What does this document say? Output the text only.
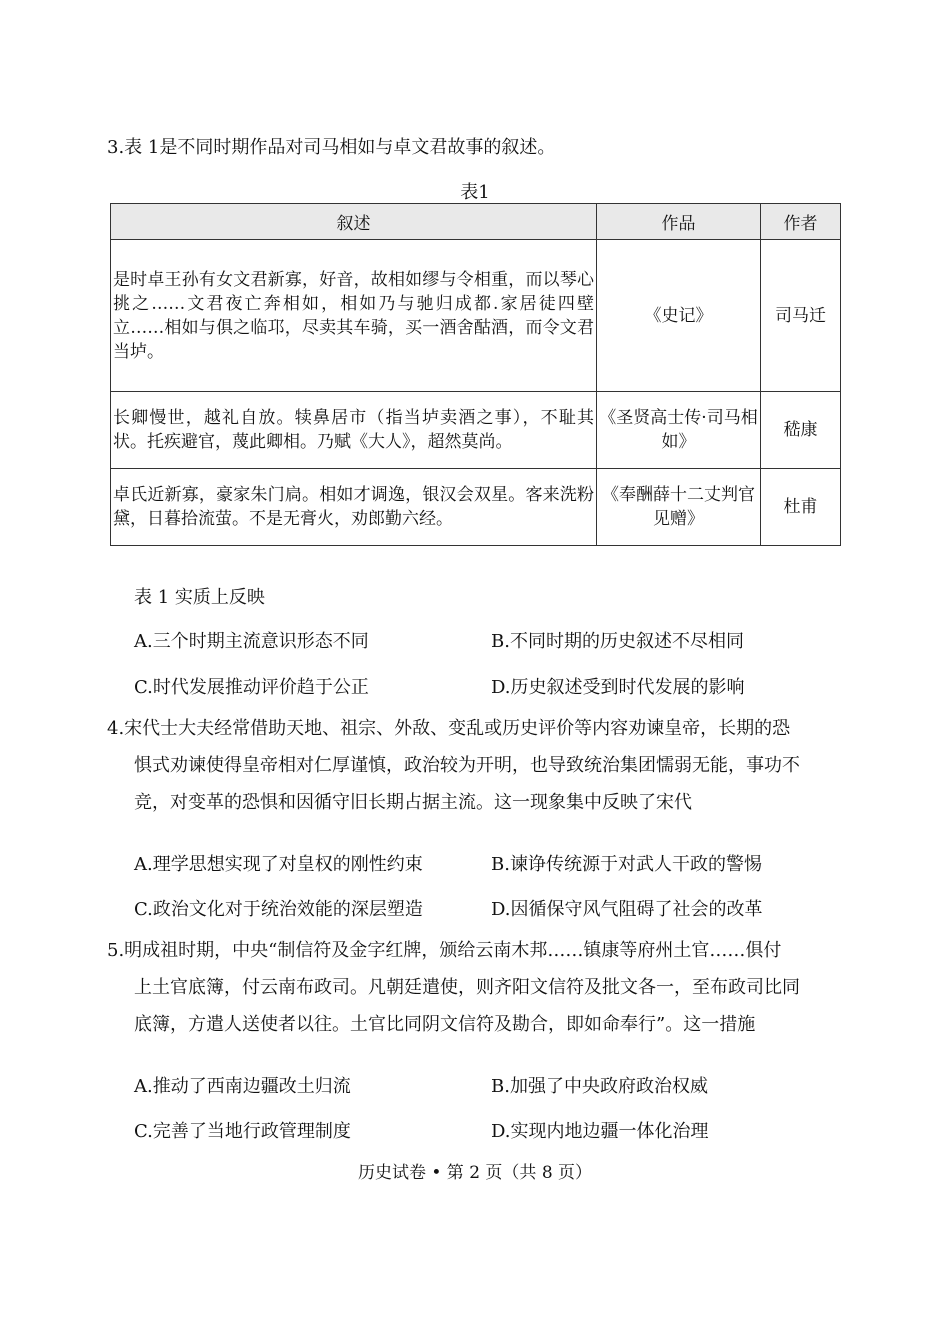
3.表 1是不同时期作品对司马相如与卓文君故事的叙述。
表1
叙述	作品	作者
是时卓王孙有女文君新寡，好音，故相如缪与令相重，而以琴心挑之……文君夜亡奔相如，相如乃与驰归成都.家居徒四壁立……相如与俱之临邛，尽卖其车骑，买一酒舍酤酒，而令文君当垆。	《史记》	司马迁
长卿慢世，越礼自放。犊鼻居市（指当垆卖酒之事），不耻其状。托疾避官，蔑此卿相。乃赋《大人》，超然莫尚。	《圣贤高士传·司马相如》	嵇康
卓氏近新寡，豪家朱门扃。相如才调逸，银汉会双星。客来洗粉黛，日暮拾流萤。不是无膏火，劝郎勤六经。	《奉酬薛十二丈判官见赠》	杜甫
表 1 实质上反映
A.三个时期主流意识形态不同	B.不同时期的历史叙述不尽相同
C.时代发展推动评价趋于公正	D.历史叙述受到时代发展的影响
4.宋代士大夫经常借助天地、祖宗、外敌、变乱或历史评价等内容劝谏皇帝，长期的恐
惧式劝谏使得皇帝相对仁厚谨慎，政治较为开明，也导致统治集团懦弱无能，事功不
竞，对变革的恐惧和因循守旧长期占据主流。这一现象集中反映了宋代
A.理学思想实现了对皇权的刚性约束	B.谏诤传统源于对武人干政的警惕
C.政治文化对于统治效能的深层塑造	D.因循保守风气阻碍了社会的改革
5.明成祖时期，中央“制信符及金字红牌，颁给云南木邦……镇康等府州土官……俱付
上土官底簿，付云南布政司。凡朝廷遣使，则齐阳文信符及批文各一，至布政司比同
底簿，方遣人送使者以往。土官比同阴文信符及勘合，即如命奉行”。这一措施
A.推动了西南边疆改土归流	B.加强了中央政府政治权威
C.完善了当地行政管理制度	D.实现内地边疆一体化治理
历史试卷 • 第 2 页（共 8 页）
